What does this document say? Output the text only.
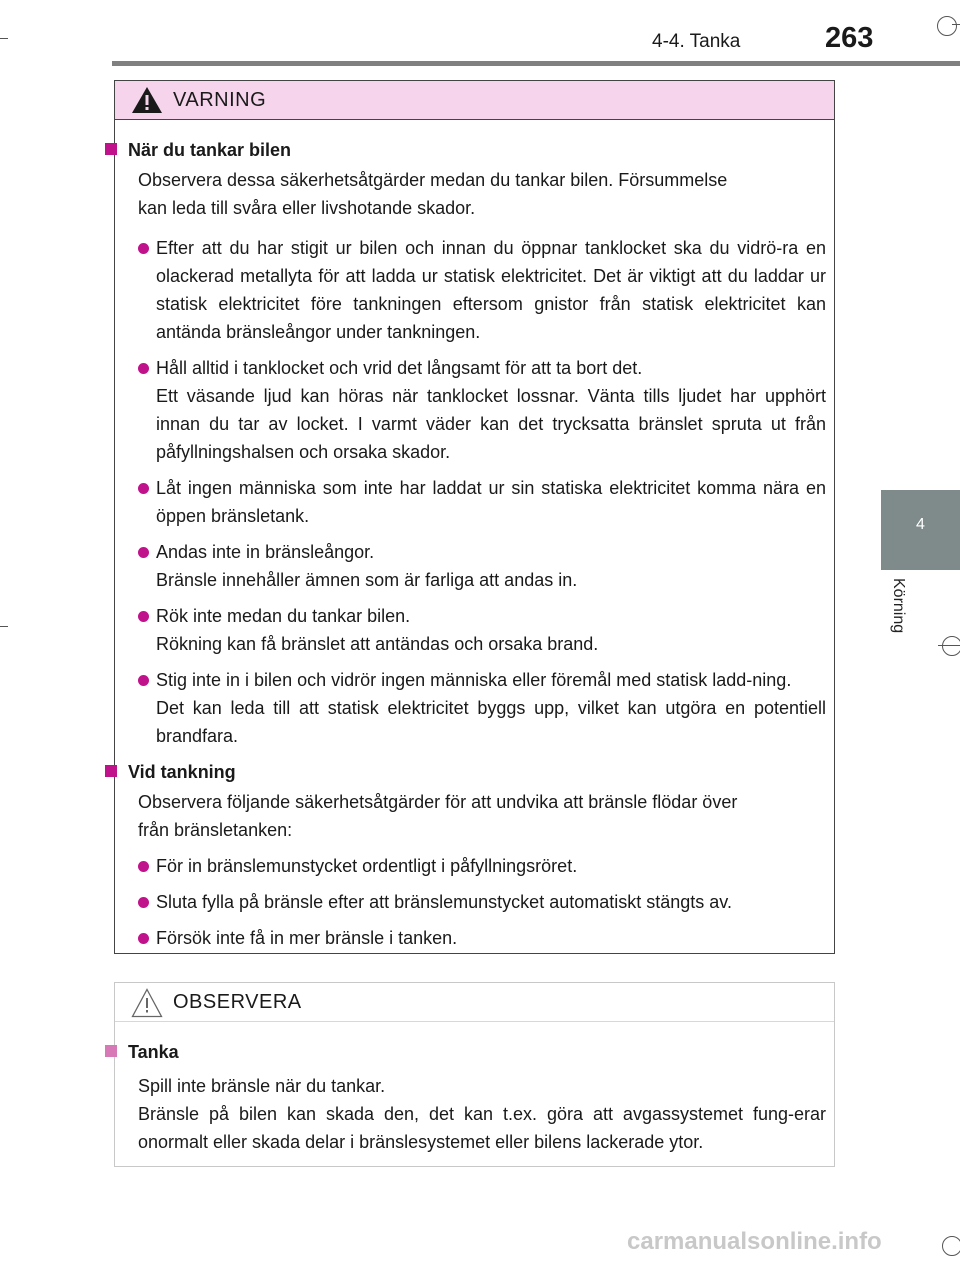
4-4. Tanka	263
4
Körning
VARNING
När du tankar bilen

Observera dessa säkerhetsåtgärder medan du tankar bilen. Försummelse
kan leda till svåra eller livshotande skador.

Efter att du har stigit ur bilen och innan du öppnar tanklocket ska du vidrö-ra en olackerad metallyta för att ladda ur statisk elektricitet. Det är viktigt att du laddar ur statisk elektricitet före tankningen eftersom gnistor från statisk elektricitet kan antända bränsleångor under tankningen.
Håll alltid i tanklocket och vrid det långsamt för att ta bort det.
Ett väsande ljud kan höras när tanklocket lossnar. Vänta tills ljudet har upphört innan du tar av locket. I varmt väder kan det trycksatta bränslet spruta ut från påfyllningshalsen och orsaka skador.
Låt ingen människa som inte har laddat ur sin statiska elektricitet komma nära en öppen bränsletank.
Andas inte in bränsleångor.
Bränsle innehåller ämnen som är farliga att andas in.
Rök inte medan du tankar bilen.
Rökning kan få bränslet att antändas och orsaka brand.
Stig inte in i bilen och vidrör ingen människa eller föremål med statisk ladd-ning.
Det kan leda till att statisk elektricitet byggs upp, vilket kan utgöra en potentiell brandfara.
Vid tankning

Observera följande säkerhetsåtgärder för att undvika att bränsle flödar över
från bränsletanken:

För in bränslemunstycket ordentligt i påfyllningsröret.
Sluta fylla på bränsle efter att bränslemunstycket automatiskt stängts av.
Försök inte få in mer bränsle i tanken.
OBSERVERA
Tanka

Spill inte bränsle när du tankar.
Bränsle på bilen kan skada den, det kan t.ex. göra att avgassystemet fung-erar onormalt eller skada delar i bränslesystemet eller bilens lackerade ytor.

carmanualsonline.info
